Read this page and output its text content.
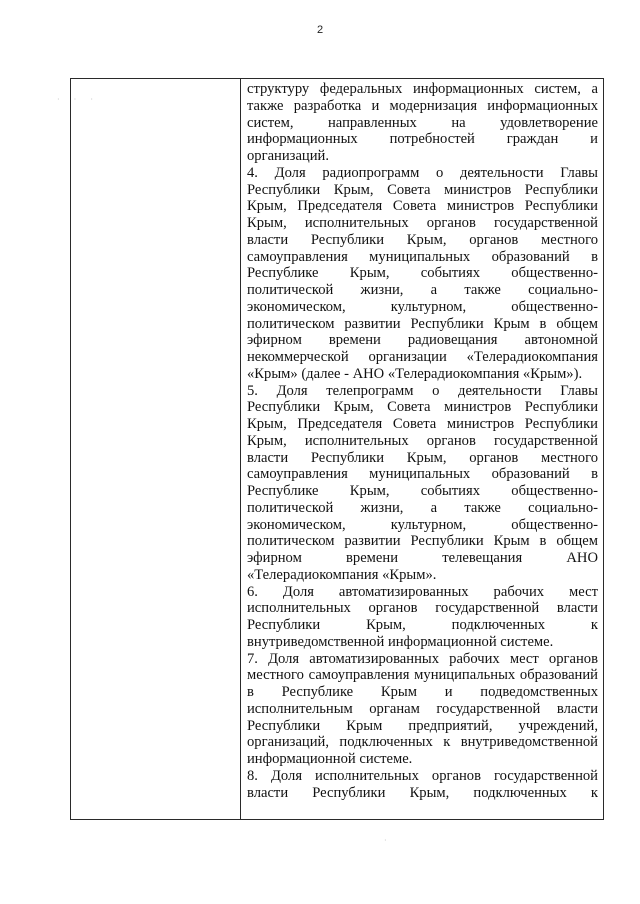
2
· · ·

структуру федеральных информационных систем, а также разработка и модернизация информационных систем, направленных на удовлетворение информационных потребностей граждан и организаций.

4. Доля радиопрограмм о деятельности Главы Республики Крым, Совета министров Республики Крым, Председателя Совета министров Республики Крым, исполнительных органов государственной власти Республики Крым, органов местного самоуправления муниципальных образований в Республике Крым, событиях общественно-политической жизни, а также социально-экономическом, культурном, общественно-политическом развитии Республики Крым в общем эфирном времени радиовещания автономной некоммерческой организации «Телерадиокомпания «Крым» (далее - АНО «Телерадиокомпания «Крым»).

5. Доля телепрограмм о деятельности Главы Республики Крым, Совета министров Республики Крым, Председателя Совета министров Республики Крым, исполнительных органов государственной власти Республики Крым, органов местного самоуправления муниципальных образований в Республике Крым, событиях общественно-политической жизни, а также социально-экономическом, культурном, общественно-политическом развитии Республики Крым в общем эфирном времени телевещания АНО «Телерадиокомпания «Крым».

6. Доля автоматизированных рабочих мест исполнительных органов государственной власти Республики Крым, подключенных к внутриведомственной информационной системе.

7. Доля автоматизированных рабочих мест органов местного самоуправления муниципальных образований в Республике Крым и подведомственных исполнительным органам государственной власти Республики Крым предприятий, учреждений, организаций, подключенных к внутриведомственной информационной системе.

8. Доля исполнительных органов государственной власти Республики Крым, подключенных к

·
